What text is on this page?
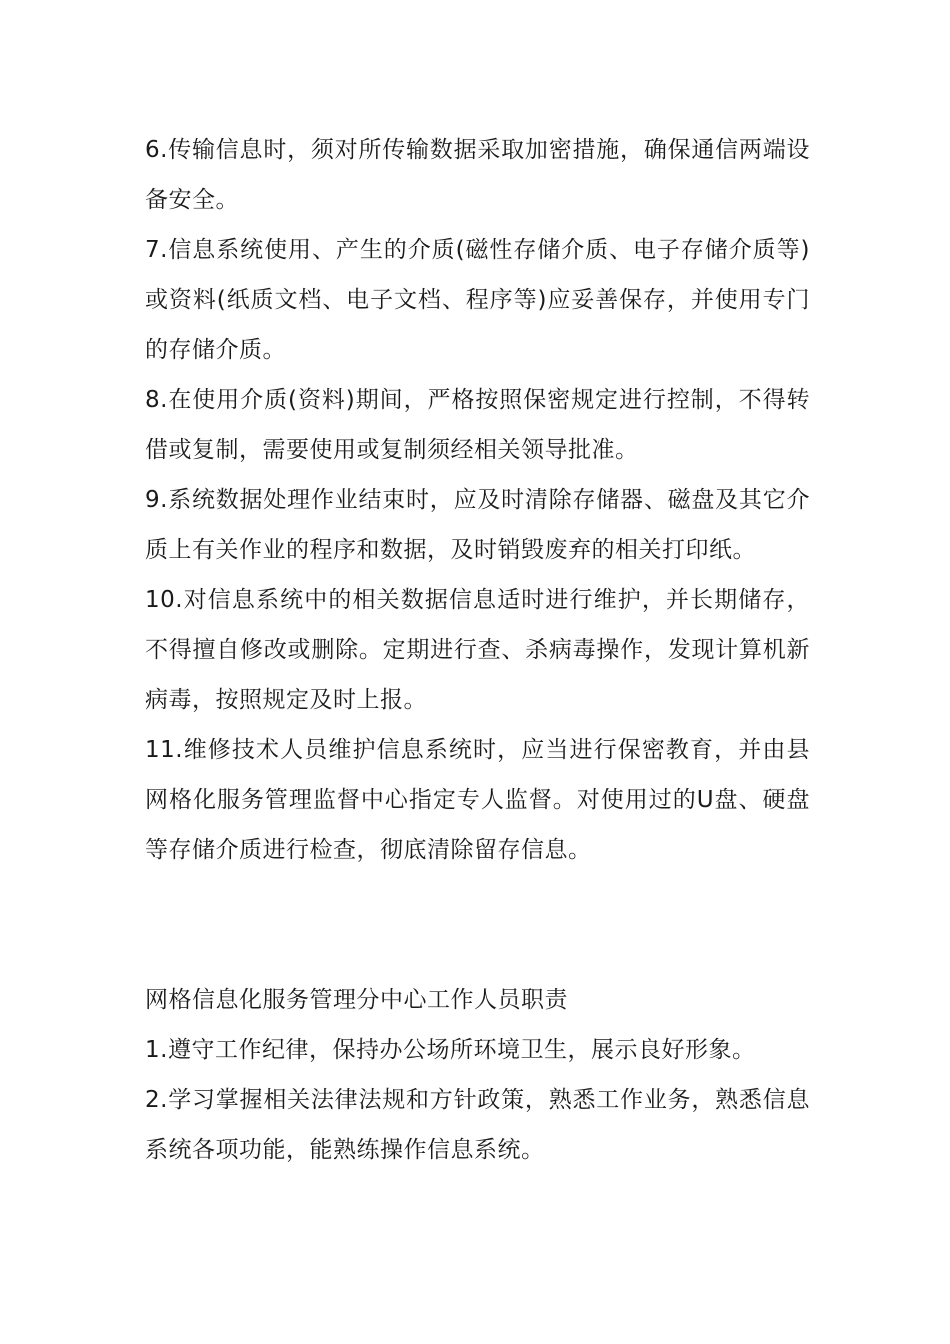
6.传输信息时，须对所传输数据采取加密措施，确保通信两端设备安全。

7.信息系统使用、产生的介质(磁性存储介质、电子存储介质等)或资料(纸质文档、电子文档、程序等)应妥善保存，并使用专门的存储介质。

8.在使用介质(资料)期间，严格按照保密规定进行控制，不得转借或复制，需要使用或复制须经相关领导批准。

9.系统数据处理作业结束时，应及时清除存储器、磁盘及其它介质上有关作业的程序和数据，及时销毁废弃的相关打印纸。

10.对信息系统中的相关数据信息适时进行维护，并长期储存，不得擅自修改或删除。定期进行查、杀病毒操作，发现计算机新病毒，按照规定及时上报。

11.维修技术人员维护信息系统时，应当进行保密教育，并由县网格化服务管理监督中心指定专人监督。对使用过的U盘、硬盘等存储介质进行检查，彻底清除留存信息。

网格信息化服务管理分中心工作人员职责

1.遵守工作纪律，保持办公场所环境卫生，展示良好形象。

2.学习掌握相关法律法规和方针政策，熟悉工作业务，熟悉信息系统各项功能，能熟练操作信息系统。
